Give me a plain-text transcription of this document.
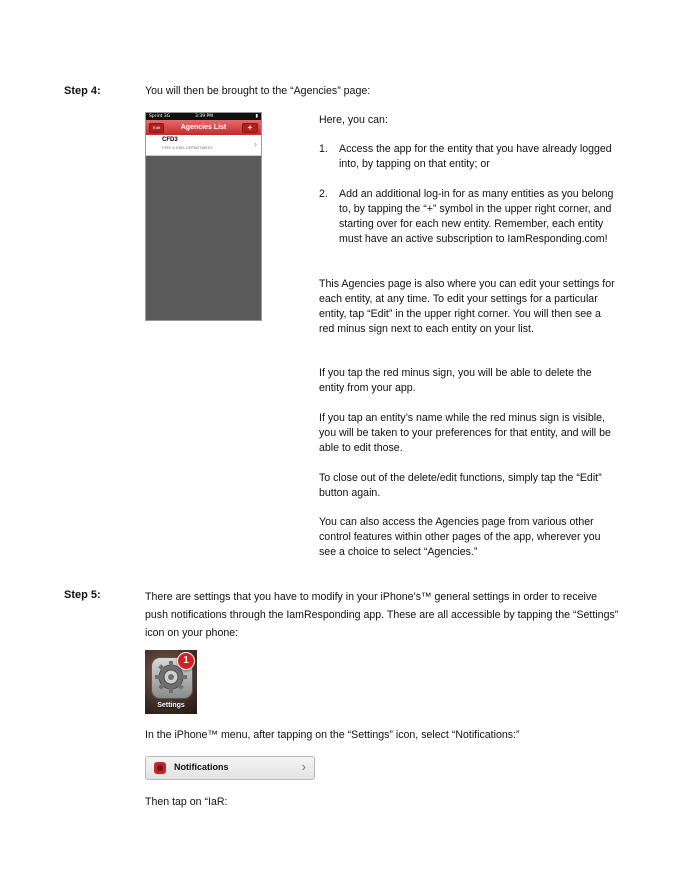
Step 4:	You will then be brought to the “Agencies” page:
Sprint 3G	3:39 PM	▮
Edit	Agencies List	+
CFD3
FIRE & EMS DEPARTMENT	›
Here, you can:
1. Access the app for the entity that you have already logged into, by tapping on that entity; or
2. Add an additional log-in for as many entities as you belong to, by tapping the “+” symbol in the upper right corner, and starting over for each new entity. Remember, each entity must have an active subscription to IamResponding.com!
This Agencies page is also where you can edit your settings for each entity, at any time. To edit your settings for a particular entity, tap “Edit” in the upper right corner. You will then see a red minus sign next to each entity on your list.
If you tap the red minus sign, you will be able to delete the entity from your app.
If you tap an entity’s name while the red minus sign is visible, you will be taken to your preferences for that entity, and will be able to edit those.
To close out of the delete/edit functions, simply tap the “Edit” button again.
You can also access the Agencies page from various other control features within other pages of the app, wherever you see a choice to select “Agencies.”
Step 5:	There are settings that you have to modify in your iPhone’s™ general settings in order to receive push notifications through the IamResponding app. These are all accessible by tapping the “Settings” icon on your phone:
1
Settings
In the iPhone™ menu, after tapping on the “Settings” icon, select “Notifications:”
Notifications	›
Then tap on “IaR:
